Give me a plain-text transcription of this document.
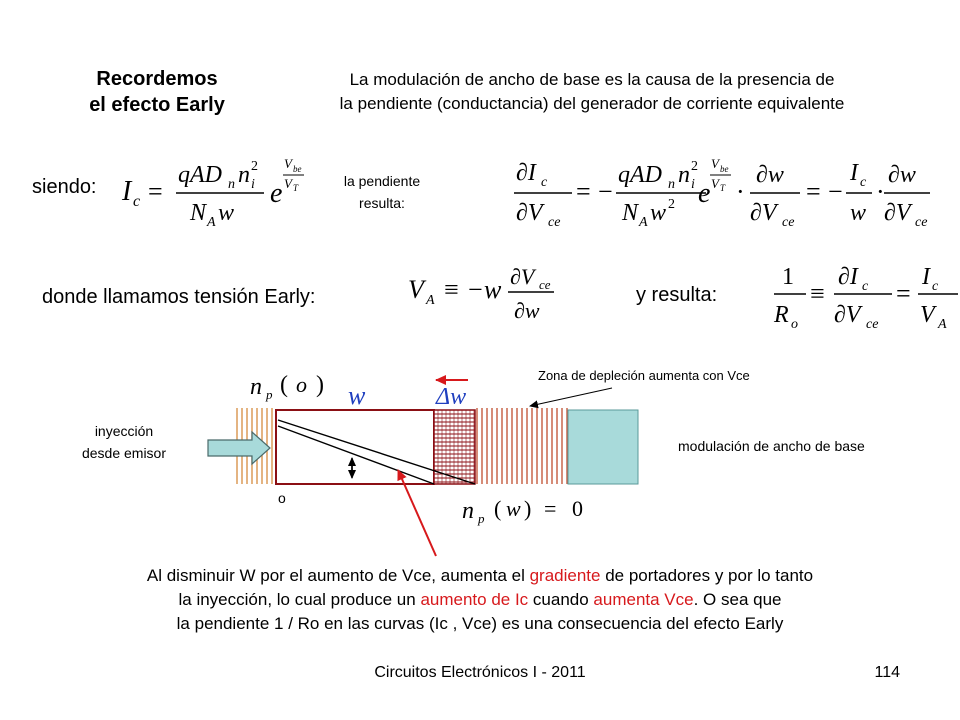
Recordemos
el efecto Early
La modulación de ancho de base es la causa de la presencia de
la pendiente (conductancia) del generador de corriente equivalente
siendo: I c =
qAD n n i
2
N A w
e
V be
V T	la pendiente
resulta:
∂I c
∂V ce
= −
qAD n n i
2
N A w 2 e
V be
V T ·
∂w
∂V ce
= −
I c
w
·
∂w
∂V ce
donde llamamos tensión Early:	V A ≡ − w ∂V ce
∂w
y resulta:
1
R o
≡
∂I c
∂V ce
=
I c
V A
n p ( o ) w	Δw
n p ( w ) = 0
Zona de depleción aumenta con Vce
inyección
desde emisor	modulación de ancho de base
o
Al disminuir W por el aumento de Vce, aumenta el gradiente de portadores y por lo tanto
la inyección, lo cual produce un aumento de Ic cuando aumenta Vce. O sea que
la pendiente 1 / Ro en las curvas (Ic , Vce) es una consecuencia del efecto Early
Circuitos Electrónicos I - 2011	114
